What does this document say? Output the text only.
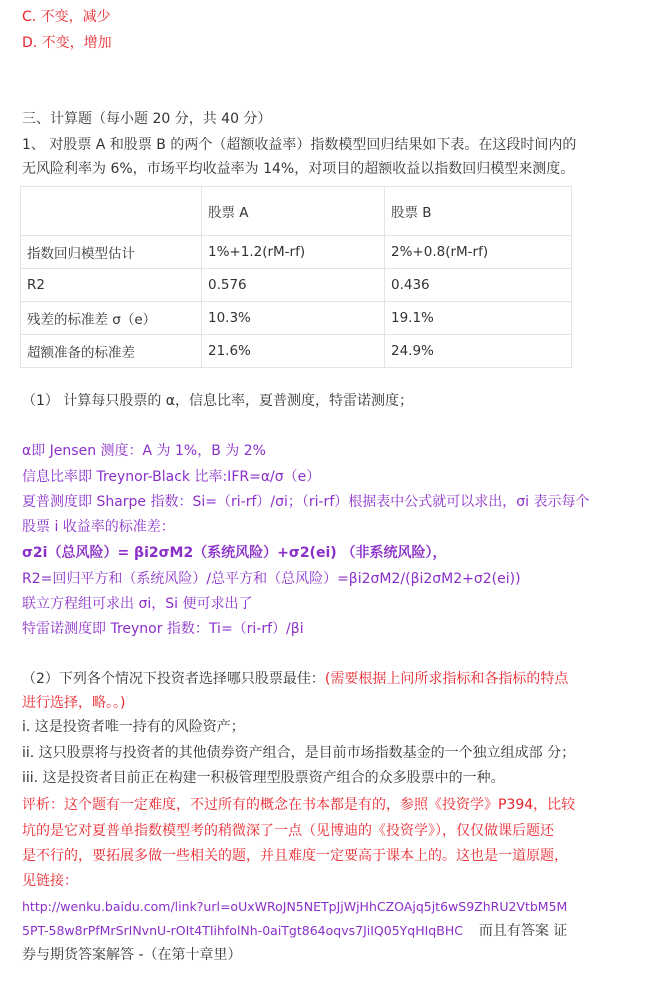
C. 不变，减少
D. 不变，增加
三、计算题（每小题 20 分，共 40 分）
1、 对股票 A 和股票 B 的两个（超额收益率）指数模型回归结果如下表。在这段时间内的
无风险利率为 6%，市场平均收益率为 14%，对项目的超额收益以指数回归模型来测度。
	股票 A	股票 B
指数回归模型估计	1%+1.2(rM-rf)	2%+0.8(rM-rf)
R2	0.576	0.436
残差的标准差 σ（e）	10.3%	19.1%
超额准备的标准差	21.6%	24.9%
（1） 计算每只股票的 α，信息比率，夏普测度，特雷诺测度；
α即 Jensen 测度：A 为 1%，B 为 2%
信息比率即 Treynor-Black 比率:IFR=α/σ（e）
夏普测度即 Sharpe 指数：Si=（ri-rf）/σi；（ri-rf）根据表中公式就可以求出，σi 表示每个
股票 i 收益率的标准差：
σ2i（总风险）= βi2σM2（系统风险）+σ2(ei) （非系统风险），
R2=回归平方和（系统风险）/总平方和（总风险）=βi2σM2/(βi2σM2+σ2(ei))
联立方程组可求出 σi，Si 便可求出了
特雷诺测度即 Treynor 指数：Ti=（ri-rf）/βi
（2）下列各个情况下投资者选择哪只股票最佳：(需要根据上问所求指标和各指标的特点
进行选择，略。。)
i. 这是投资者唯一持有的风险资产；
ii. 这只股票将与投资者的其他债券资产组合，是目前市场指数基金的一个独立组成部 分；
iii. 这是投资者目前正在构建一积极管理型股票资产组合的众多股票中的一种。
评析：这个题有一定难度，不过所有的概念在书本都是有的，参照《投资学》P394，比较
坑的是它对夏普单指数模型考的稍微深了一点（见博迪的《投资学》），仅仅做课后题还
是不行的，要拓展多做一些相关的题，并且难度一定要高于课本上的。这也是一道原题，
见链接：
http://wenku.baidu.com/link?url=oUxWRoJN5NETpJjWjHhCZOAjq5jt6wS9ZhRU2VtbM5M
5PT-58w8rPfMrSrINvnU-rOIt4TIihfolNh-0aiTgt864oqvs7JiIQ05YqHIqBHC 而且有答案 证
券与期货答案解答 -（在第十章里）
